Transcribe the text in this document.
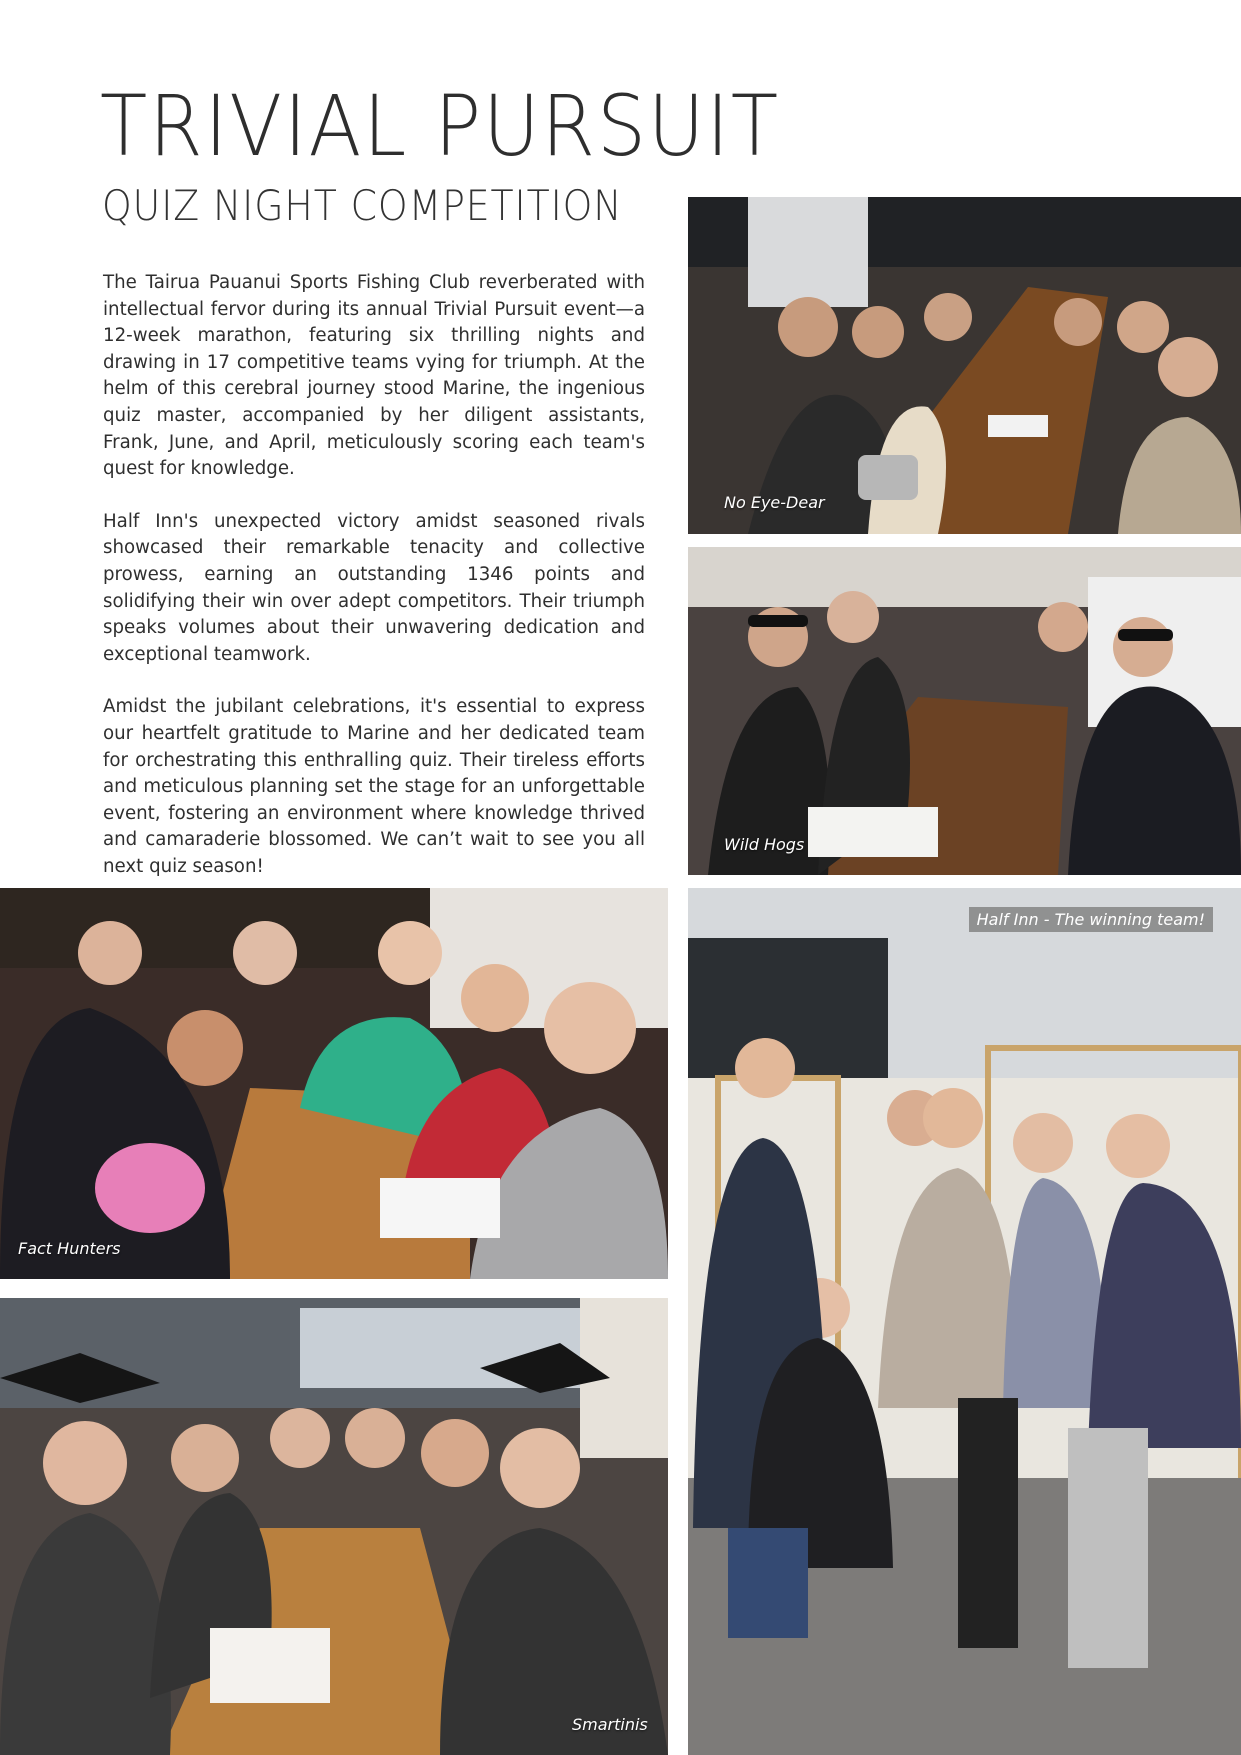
TRIVIAL PURSUIT
QUIZ NIGHT COMPETITION

The Tairua Pauanui Sports Fishing Club reverberated with intellectual fervor during its annual Trivial Pursuit event—a 12-week marathon, featuring six thrilling nights and drawing in 17 competitive teams vying for triumph. At the helm of this cerebral journey stood Marine, the ingenious quiz master, accompanied by her diligent assistants, Frank, June, and April, meticulously scoring each team's quest for knowledge.

Half Inn's unexpected victory amidst seasoned rivals showcased their remarkable tenacity and collective prowess, earning an outstanding 1346 points and solidifying their win over adept competitors. Their triumph speaks volumes about their unwavering dedication and exceptional teamwork.

Amidst the jubilant celebrations, it's essential to express our heartfelt gratitude to Marine and her dedicated team for orchestrating this enthralling quiz. Their tireless efforts and meticulous planning set the stage for an unforgettable event, fostering an environment where knowledge thrived and camaraderie blossomed. We can’t wait to see you all next quiz season!

No Eye-Dear
Wild Hogs
Fact Hunters
Smartinis
Half Inn - The winning team!
